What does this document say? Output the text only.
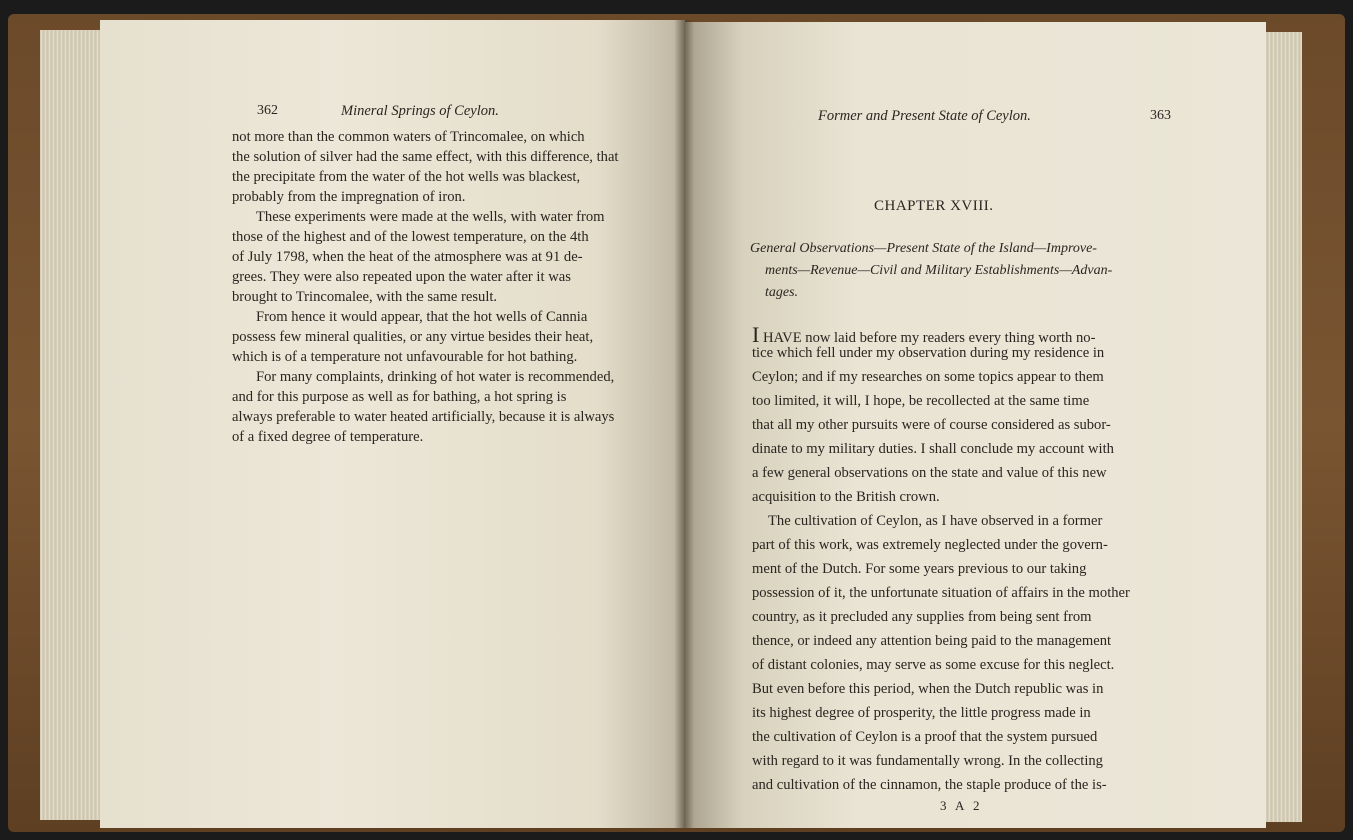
362	Mineral Springs of Ceylon.
not more than the common waters of Trincomalee, on which
the solution of silver had the same effect, with this difference, that
the precipitate from the water of the hot wells was blackest,
probably from the impregnation of iron.
These experiments were made at the wells, with water from
those of the highest and of the lowest temperature, on the 4th
of July 1798, when the heat of the atmosphere was at 91 de-
grees. They were also repeated upon the water after it was
brought to Trincomalee, with the same result.
From hence it would appear, that the hot wells of Cannia
possess few mineral qualities, or any virtue besides their heat,
which is of a temperature not unfavourable for hot bathing.
For many complaints, drinking of hot water is recommended,
and for this purpose as well as for bathing, a hot spring is
always preferable to water heated artificially, because it is always
of a fixed degree of temperature.
Former and Present State of Ceylon.	363
CHAPTER XVIII.
General Observations—Present State of the Island—Improve-
ments—Revenue—Civil and Military Establishments—Advan-
tages.
I HAVE now laid before my readers every thing worth no-
tice which fell under my observation during my residence in
Ceylon; and if my researches on some topics appear to them
too limited, it will, I hope, be recollected at the same time
that all my other pursuits were of course considered as subor-
dinate to my military duties. I shall conclude my account with
a few general observations on the state and value of this new
acquisition to the British crown.
The cultivation of Ceylon, as I have observed in a former
part of this work, was extremely neglected under the govern-
ment of the Dutch. For some years previous to our taking
possession of it, the unfortunate situation of affairs in the mother
country, as it precluded any supplies from being sent from
thence, or indeed any attention being paid to the management
of distant colonies, may serve as some excuse for this neglect.
But even before this period, when the Dutch republic was in
its highest degree of prosperity, the little progress made in
the cultivation of Ceylon is a proof that the system pursued
with regard to it was fundamentally wrong. In the collecting
and cultivation of the cinnamon, the staple produce of the is-
3 A 2
